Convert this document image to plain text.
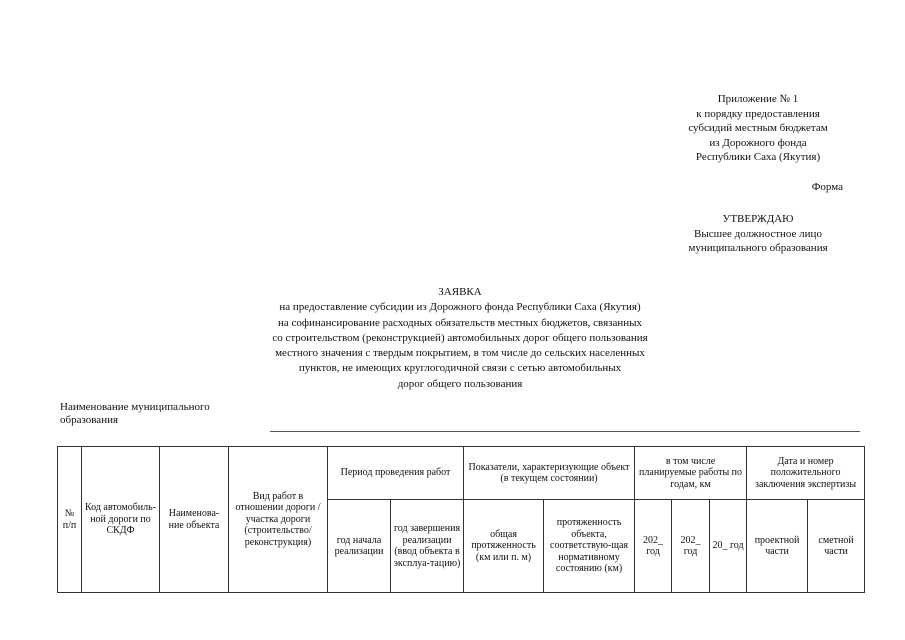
Приложение № 1
к порядку предоставления
субсидий местным бюджетам
из Дорожного фонда
Республики Саха (Якутия)
Форма
УТВЕРЖДАЮ
Высшее должностное лицо
муниципального образования
ЗАЯВКА
на предоставление субсидии из Дорожного фонда Республики Саха (Якутия)
на софинансирование расходных обязательств местных бюджетов, связанных
со строительством (реконструкцией) автомобильных дорог общего пользования
местного значения с твердым покрытием, в том числе до сельских населенных
пунктов, не имеющих круглогодичной связи с сетью автомобильных
дорог общего пользования
Наименование муниципального
образования
№ п/п	Код автомобиль-ной дороги по СКДФ	Наименова-ние объекта	Вид работ в отношении дороги / участка дороги (строительство/ реконструкция)	Период проведения работ		Показатели, характеризующие объект (в текущем состоянии)		в том числе планируемые работы по годам, км			Дата и номер положительного заключения экспертизы	
				год начала реализации	год завершения реализации (ввод объекта в эксплуа-тацию)	общая протяженность (км или п. м)	протяженность объекта, соответствую-щая нормативному состоянию (км)	202_ год	202_ год	20_ год	проектной части	сметной части
